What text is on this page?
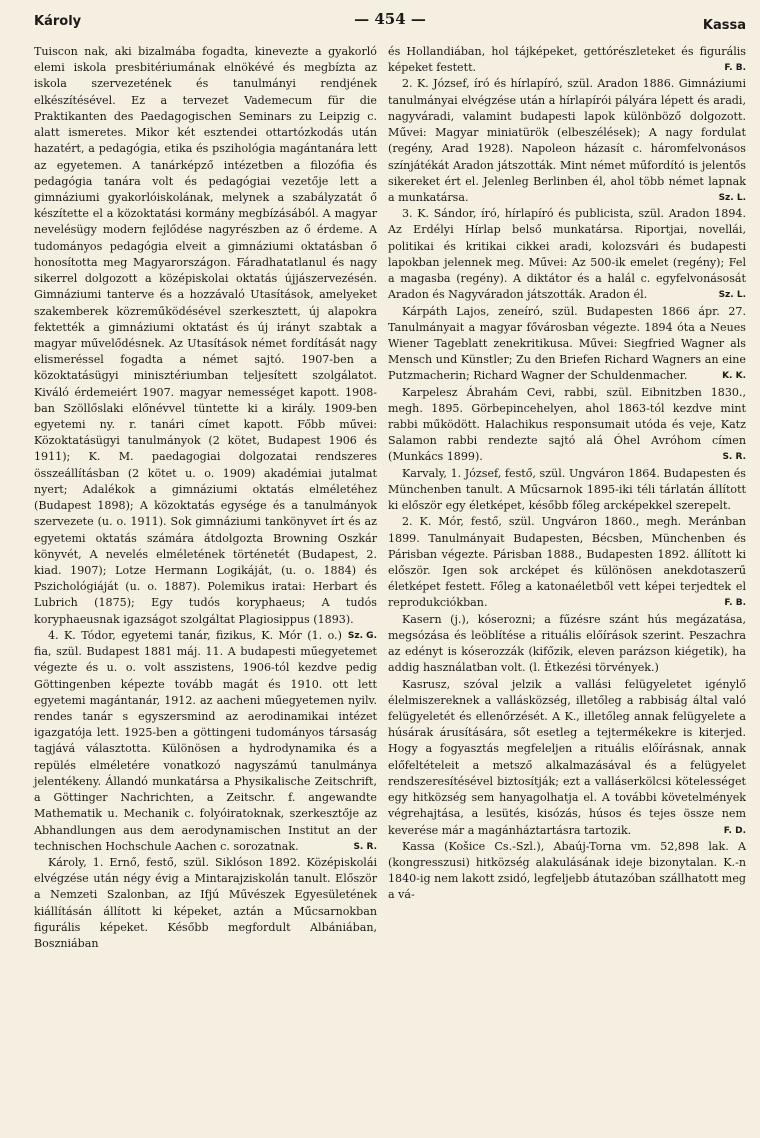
Károly	— 454 —	Kassa

Tuiscon nak, aki bizalmába fogadta, kinevezte a gyakorló elemi iskola presbitériumának elnökévé és megbízta az iskola szervezetének és tanulmányi rendjének elkészítésével. Ez a tervezet Vademecum für die Praktikanten des Paedagogischen Seminars zu Leipzig c. alatt ismeretes. Mikor két esztendei ottartózkodás után hazatért, a pedagógia, etika és pszihológia magántanára lett az egyetemen. A tanárképző intézetben a filozófia és pedagógia tanára volt és pedagógiai vezetője lett a gimnáziumi gyakorlóiskolának, melynek a szabályzatát ő készítette el a közoktatási kormány megbízásából. A magyar nevelésügy modern fejlődése nagyrészben az ő érdeme. A tudományos pedagógia elveit a gimnáziumi oktatásban ő honosította meg Magyarországon. Fáradhatatlanul és nagy sikerrel dolgozott a középiskolai oktatás újjászervezésén. Gimnáziumi tanterve és a hozzávaló Utasítások, amelyeket szakemberek közreműködésével szerkesztett, új alapokra fektették a gimnáziumi oktatást és új irányt szabtak a magyar művelődésnek. Az Utasítások német fordítását nagy elismeréssel fogadta a német sajtó. 1907-ben a közoktatásügyi minisztériumban teljesített szolgálatot. Kiváló érdemeiért 1907. magyar nemességet kapott. 1908-ban Szöllőslaki előnévvel tüntette ki a király. 1909-ben egyetemi ny. r. tanári címet kapott. Főbb művei: Közoktatásügyi tanulmányok (2 kötet, Budapest 1906 és 1911); K. M. paedagogiai dolgozatai rendszeres összeállításban (2 kötet u. o. 1909) akadémiai jutalmat nyert; Adalékok a gimnáziumi oktatás elméletéhez (Budapest 1898); A közoktatás egysége és a tanulmányok szervezete (u. o. 1911). Sok gimnáziumi tankönyvet írt és az egyetemi oktatás számára átdolgozta Browning Oszkár könyvét, A nevelés elméletének történetét (Budapest, 2. kiad. 1907); Lotze Hermann Logikáját, (u. o. 1884) és Pszichológiáját (u. o. 1887). Polemikus iratai: Herbart és Lubrich (1875); Egy tudós koryphaeus; A tudós koryphaeusnak igazságot szolgáltat Plagiosippus (1893).
Sz. G.

4. K. Tódor, egyetemi tanár, fizikus, K. Mór (1. o.) fia, szül. Budapest 1881 máj. 11. A budapesti műegyetemet végezte és u. o. volt asszistens, 1906-tól kezdve pedig Göttingenben képezte tovább magát és 1910. ott lett egyetemi magántanár, 1912. az aacheni műegyetemen nyilv. rendes tanár s egyszersmind az aerodinamikai intézet igazgatója lett. 1925-ben a göttingeni tudományos társaság tagjává választotta. Különösen a hydrodynamika és a repülés elméletére vonatkozó nagyszámú tanulmánya jelentékeny. Állandó munkatársa a Physikalische Zeitschrift, a Göttinger Nachrichten, a Zeitschr. f. angewandte Mathematik u. Mechanik c. folyóiratoknak, szerkesztője az Abhandlungen aus dem aerodynamischen Institut an der technischen Hochschule Aachen c. sorozatnak.	S. R.

Károly, 1. Ernő, festő, szül. Siklóson 1892. Középiskolái elvégzése után négy évig a Mintarajziskolán tanult. Először a Nemzeti Szalonban, az Ifjú Művészek Egyesületének kiállításán állított ki képeket, aztán a Műcsarnokban figurális képeket. Később megfordult Albániában, Boszniában

és Hollandiában, hol tájképeket, gettórészleteket és figurális képeket festett.	F. B.

2. K. József, író és hírlapíró, szül. Aradon 1886. Gimnáziumi tanulmányai elvégzése után a hírlapírói pályára lépett és aradi, nagyváradi, valamint budapesti lapok különböző dolgozott. Művei: Magyar miniatürök (elbeszélések); A nagy fordulat (regény, Arad 1928). Napoleon házasít c. háromfelvonásos színjátékát Aradon játszották. Mint német műfordító is jelentős sikereket ért el. Jelenleg Berlinben él, ahol több német lapnak a munkatársa.	Sz. L.

3. K. Sándor, író, hírlapíró és publicista, szül. Aradon 1894. Az Erdélyi Hírlap belső munkatársa. Riportjai, novellái, politikai és kritikai cikkei aradi, kolozsvári és budapesti lapokban jelennek meg. Művei: Az 500-ik emelet (regény); Fel a magasba (regény). A diktátor és a halál c. egyfelvonásosát Aradon és Nagyváradon játszották. Aradon él.	Sz. L.

Kárpáth Lajos, zeneíró, szül. Budapesten 1866 ápr. 27. Tanulmányait a magyar fővárosban végezte. 1894 óta a Neues Wiener Tageblatt zenekritikusa. Művei: Siegfried Wagner als Mensch und Künstler; Zu den Briefen Richard Wagners an eine Putzmacherin; Richard Wagner der Schuldenmacher.	K. K.

Karpelesz Ábrahám Cevi, rabbi, szül. Eibnitzben 1830., megh. 1895. Görbepincehelyen, ahol 1863-tól kezdve mint rabbi működött. Halachikus responsumait utóda és veje, Katz Salamon rabbi rendezte sajtó alá Óhel Avróhom címen (Munkács 1899).	S. R.

Karvaly, 1. József, festő, szül. Ungváron 1864. Budapesten és Münchenben tanult. A Műcsarnok 1895-iki téli tárlatán állított ki először egy életképet, később főleg arcképekkel szerepelt.

2. K. Mór, festő, szül. Ungváron 1860., megh. Meránban 1899. Tanulmányait Budapesten, Bécsben, Münchenben és Párisban végezte. Párisban 1888., Budapesten 1892. állított ki először. Igen sok arcképet és különösen anekdotaszerű életképet festett. Főleg a katonaéletből vett képei terjedtek el reprodukciókban.	F. B.

Kasern (j.), kóserozni; a fűzésre szánt hús megázatása, megsózása és leöblítése a rituális előírások szerint. Peszachra az edényt is kóserozzák (kifőzik, eleven parázson kiégetik), ha addig használatban volt. (l. Étkezési törvények.)

Kasrusz, szóval jelzik a vallási felügyeletet igénylő élelmiszereknek a vallásközség, illetőleg a rabbiság által való felügyeletét és ellenőrzését. A K., illetőleg annak felügyelete a húsárak árusítására, sőt esetleg a tejtermékekre is kiterjed. Hogy a fogyasztás megfeleljen a rituális előírásnak, annak előfeltételeit a metsző alkalmazásával és a felügyelet rendszeresítésével biztosítják; ezt a valláserkölcsi kötelességet egy hitközség sem hanyagolhatja el. A további követelmények végrehajtása, a lesütés, kisózás, húsos és tejes össze nem keverése már a magánháztartásra tartozik.	F. D.

Kassa (Košice Cs.-Szl.), Abaúj-Torna vm. 52,898 lak. A (kongresszusi) hitközség alakulásának ideje bizonytalan. K.-n 1840-ig nem lakott zsidó, legfeljebb átutazóban szállhatott meg a vá-
